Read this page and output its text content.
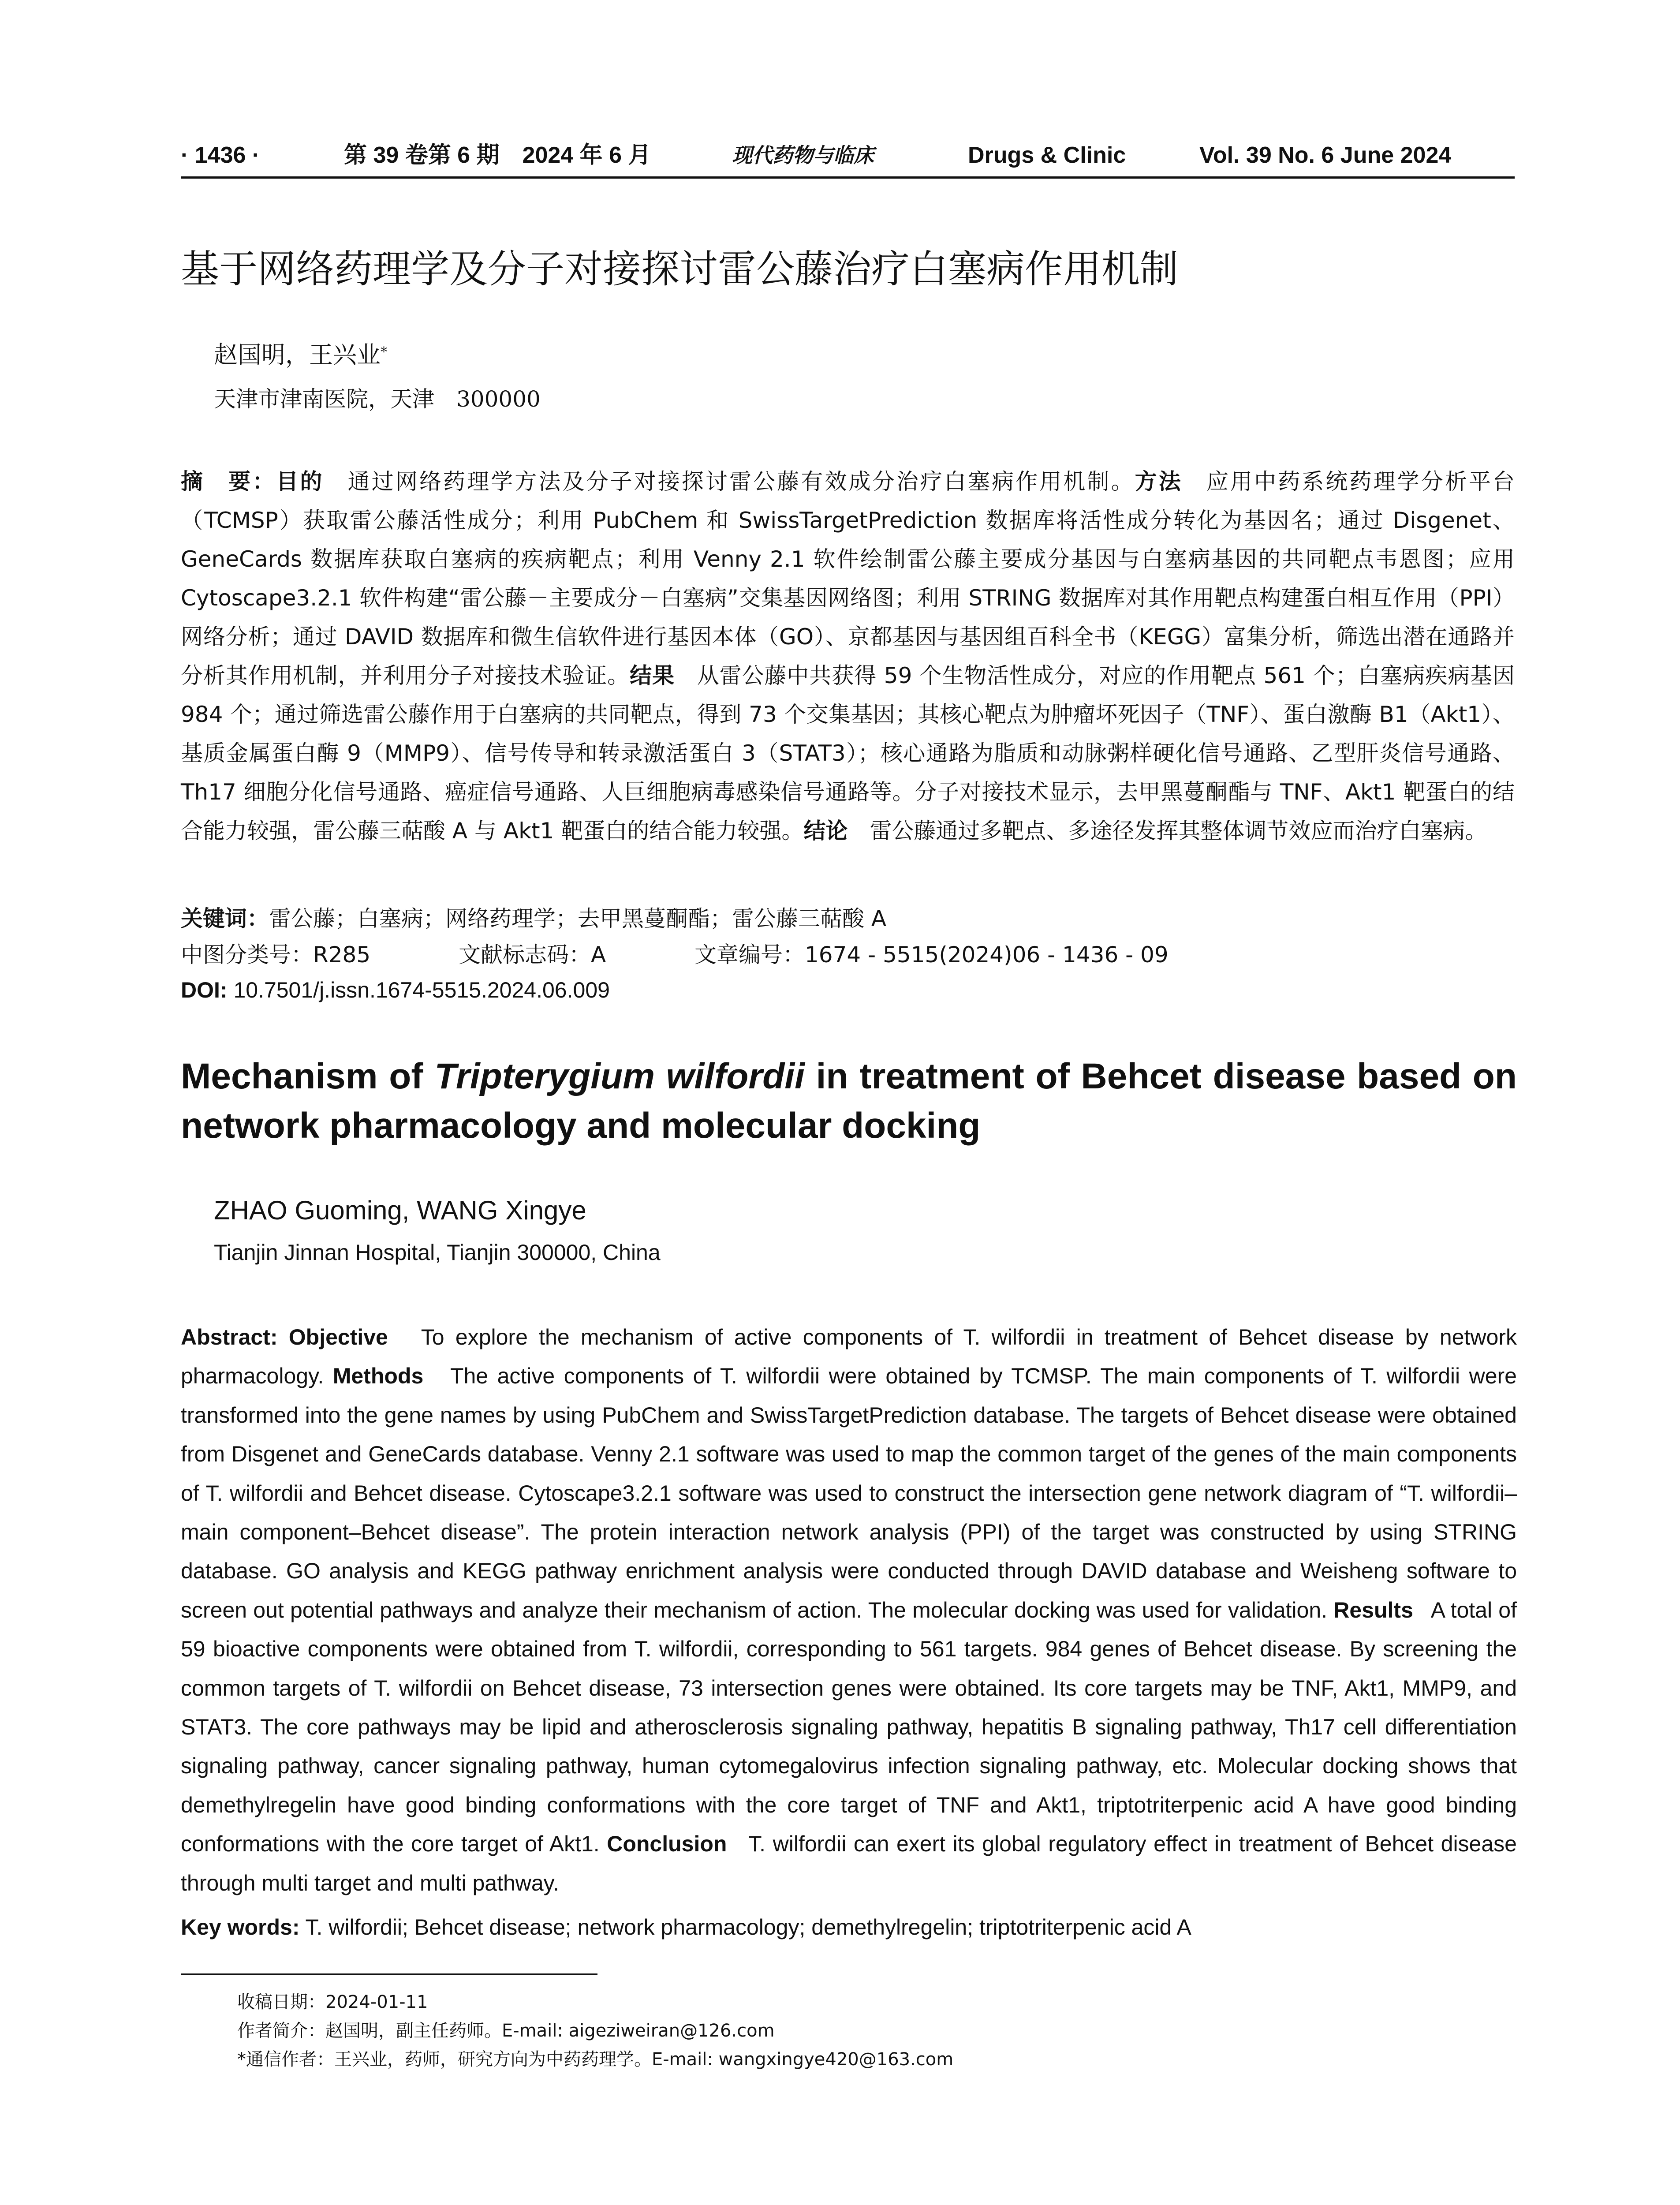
· 1436 ·	第 39 卷第 6 期　2024 年 6 月	现代药物与临床	Drugs & Clinic	Vol. 39 No. 6 June 2024
基于网络药理学及分子对接探讨雷公藤治疗白塞病作用机制
赵国明，王兴业*
天津市津南医院，天津　300000
摘　要：目的　 通过网络药理学方法及分子对接探讨雷公藤有效成分治疗白塞病作用机制。方法　 应用中药系统药理学分析平台（TCMSP）获取雷公藤活性成分；利用 PubChem 和 SwissTargetPrediction 数据库将活性成分转化为基因名；通过 Disgenet、GeneCards 数据库获取白塞病的疾病靶点；利用 Venny 2.1 软件绘制雷公藤主要成分基因与白塞病基因的共同靶点韦恩图；应用 Cytoscape3.2.1 软件构建“雷公藤－主要成分－白塞病”交集基因网络图；利用 STRING 数据库对其作用靶点构建蛋白相互作用（PPI）网络分析；通过 DAVID 数据库和微生信软件进行基因本体（GO）、京都基因与基因组百科全书（KEGG）富集分析，筛选出潜在通路并分析其作用机制，并利用分子对接技术验证。结果　 从雷公藤中共获得 59 个生物活性成分，对应的作用靶点 561 个；白塞病疾病基因 984 个；通过筛选雷公藤作用于白塞病的共同靶点，得到 73 个交集基因；其核心靶点为肿瘤坏死因子（TNF）、蛋白激酶 B1（Akt1）、基质金属蛋白酶 9（MMP9）、信号传导和转录激活蛋白 3（STAT3）；核心通路为脂质和动脉粥样硬化信号通路、乙型肝炎信号通路、Th17 细胞分化信号通路、癌症信号通路、人巨细胞病毒感染信号通路等。分子对接技术显示，去甲黑蔓酮酯与 TNF、Akt1 靶蛋白的结合能力较强，雷公藤三萜酸 A 与 Akt1 靶蛋白的结合能力较强。结论　 雷公藤通过多靶点、多途径发挥其整体调节效应而治疗白塞病。
关键词：雷公藤；白塞病；网络药理学；去甲黑蔓酮酯；雷公藤三萜酸 A
中图分类号：R285	文献标志码：A	文章编号：1674 - 5515(2024)06 - 1436 - 09
DOI: 10.7501/j.issn.1674-5515.2024.06.009
Mechanism of Tripterygium wilfordii in treatment of Behcet disease based on network pharmacology and molecular docking
ZHAO Guoming, WANG Xingye
Tianjin Jinnan Hospital, Tianjin 300000, China
Abstract: Objective To explore the mechanism of active components of T. wilfordii in treatment of Behcet disease by network pharmacology. Methods The active components of T. wilfordii were obtained by TCMSP. The main components of T. wilfordii were transformed into the gene names by using PubChem and SwissTargetPrediction database. The targets of Behcet disease were obtained from Disgenet and GeneCards database. Venny 2.1 software was used to map the common target of the genes of the main components of T. wilfordii and Behcet disease. Cytoscape3.2.1 software was used to construct the intersection gene network diagram of “T. wilfordii–main component–Behcet disease”. The protein interaction network analysis (PPI) of the target was constructed by using STRING database. GO analysis and KEGG pathway enrichment analysis were conducted through DAVID database and Weisheng software to screen out potential pathways and analyze their mechanism of action. The molecular docking was used for validation. Results A total of 59 bioactive components were obtained from T. wilfordii, corresponding to 561 targets. 984 genes of Behcet disease. By screening the common targets of T. wilfordii on Behcet disease, 73 intersection genes were obtained. Its core targets may be TNF, Akt1, MMP9, and STAT3. The core pathways may be lipid and atherosclerosis signaling pathway, hepatitis B signaling pathway, Th17 cell differentiation signaling pathway, cancer signaling pathway, human cytomegalovirus infection signaling pathway, etc. Molecular docking shows that demethylregelin have good binding conformations with the core target of TNF and Akt1, triptotriterpenic acid A have good binding conformations with the core target of Akt1. Conclusion T. wilfordii can exert its global regulatory effect in treatment of Behcet disease through multi target and multi pathway.
Key words: T. wilfordii; Behcet disease; network pharmacology; demethylregelin; triptotriterpenic acid A
收稿日期：2024-01-11
作者简介：赵国明，副主任药师。E-mail: aigeziweiran@126.com
*通信作者：王兴业，药师，研究方向为中药药理学。E-mail: wangxingye420@163.com
